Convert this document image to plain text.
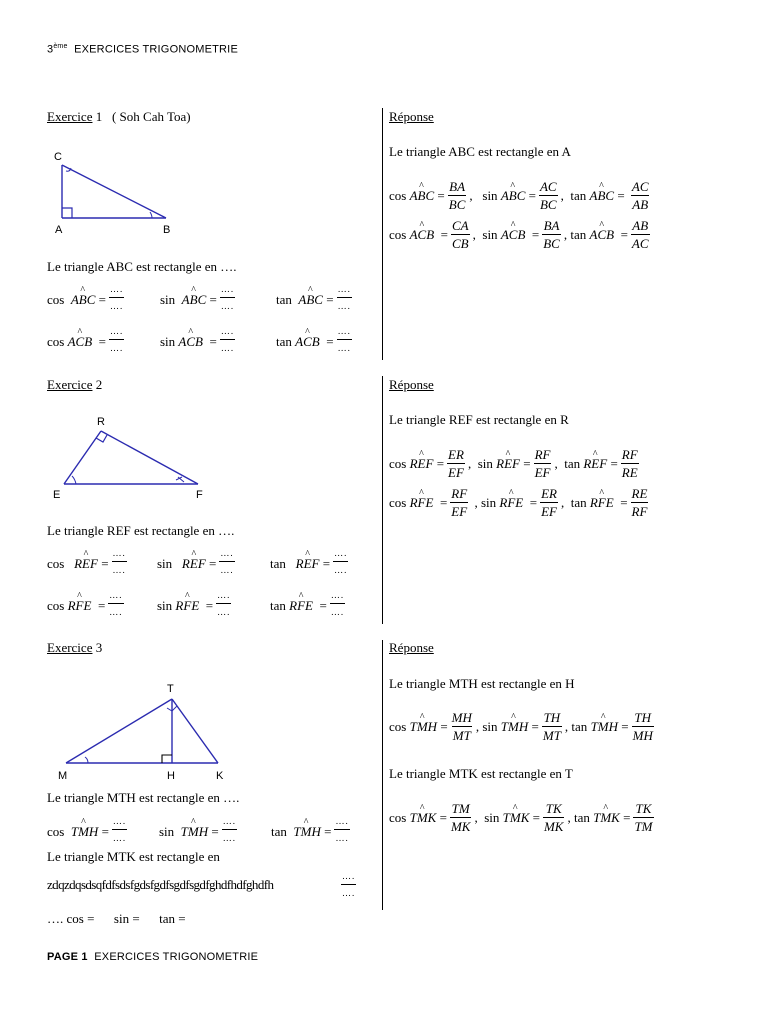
3ème EXERCICES TRIGONOMETRIE
Exercice 1 ( Soh Cah Toa)
C
A	B
Le triangle ABC est rectangle en ….
cos A ^ B $C = \frac{\dots.}{\dots.}$	sin A ^ B $C = \frac{\dots.}{\dots.}$	tan A ^ B $C = \frac{\dots.}{\dots.}$
cos A ^ C $B = \frac{\dots.}{\dots.}$	sin A ^ C $B = \frac{\dots.}{\dots.}$	tan A ^ C $B = \frac{\dots.}{\dots.}$
Réponse
Le triangle ABC est rectangle en A
cos A ^ B $C = \frac{BA}{BC}$ ,   sin A ^ B $C = \frac{AC}{BC}$ ,  tan A ^ B $C = \frac{AC}{AB}$
cos A ^ C $B = \frac{CA}{CB}$ ,  sin A ^ C $B = \frac{BA}{BC}$ , tan A ^ C $B = \frac{AB}{AC}$
Exercice 2
R
E	F
Le triangle REF est rectangle en ….
cos R ^ E $F = \frac{\dots.}{\dots.}$ sin R ^ E $F = \frac{\dots.}{\dots.}$	tan R ^ E $F = \frac{\dots.}{\dots.}$
cos R ^ F $E = \frac{\dots.}{\dots.}$	sin R ^ F $E = \frac{\dots.}{\dots.}$	tan R ^ F $E = \frac{\dots.}{\dots.}$
Réponse
Le triangle REF est rectangle en R
cos R ^ E $F = \frac{ER}{EF}$ ,  sin R ^ E $F = \frac{RF}{EF}$ ,  tan R ^ E $F = \frac{RF}{RE}$
cos R ^ F $E = \frac{RF}{EF}$ , sin R ^ F $E = \frac{ER}{EF}$ ,  tan R ^ F $E = \frac{RE}{RF}$
Exercice 3
T
M	H	K
Le triangle MTH est rectangle en ….
cos T ^ M $H = \frac{\dots.}{\dots.}$ sin T ^ M $H = \frac{\dots.}{\dots.}$	tan T ^ M $H = \frac{\dots.}{\dots.}$
Le triangle MTK est rectangle en
zdqzdqsdsqfdfsdsfgdsfgdfsgdfsgdfghdfhdfghdfh	$\frac{\dots.}{\dots.}$
…. cos =      sin =      tan =
Réponse
Le triangle MTH est rectangle en H
cos T ^ M $H = \frac{MH}{MT}$ , sin T ^ M $H = \frac{TH}{MT}$ , tan T ^ M $H = \frac{TH}{MH}$
Le triangle MTK est rectangle en T
cos T ^ M $K = \frac{TM}{MK}$ ,  sin T ^ M $K = \frac{TK}{MK}$ , tan T ^ M $K = \frac{TK}{TM}$
PAGE 1 EXERCICES TRIGONOMETRIE
